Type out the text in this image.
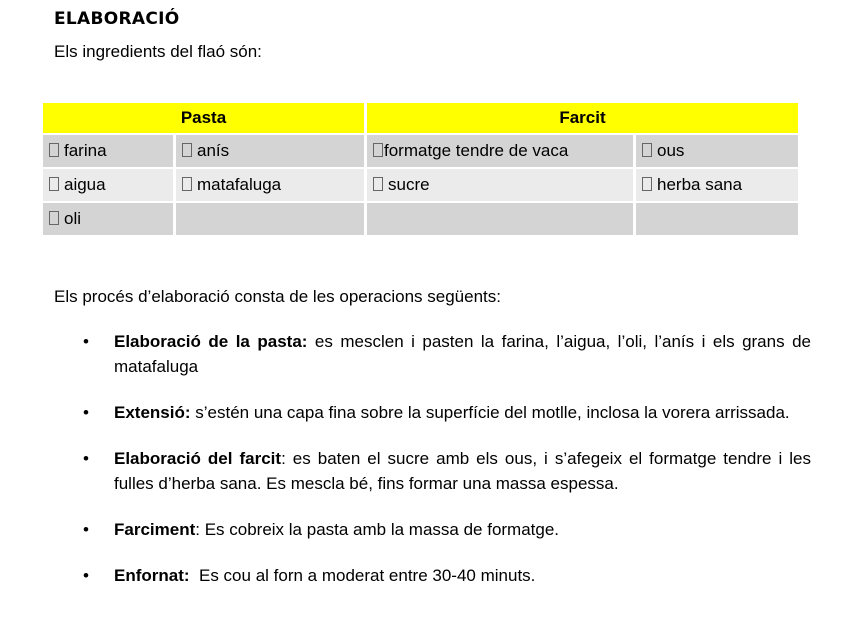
ELABORACIÓ
Els ingredients del flaó són:
Pasta		Farcit	
farina	anís	formatge tendre de vaca	ous
aigua	matafaluga	sucre	herba sana
oli			
Els procés d’elaboració consta de les operacions següents:
• Elaboració de la pasta: es mesclen i pasten la farina, l’aigua, l’oli, l’anís i els grans de matafaluga
• Extensió: s’estén una capa fina sobre la superfície del motlle, inclosa la vorera arrissada.
• Elaboració del farcit: es baten el sucre amb els ous, i s’afegeix el formatge tendre i les fulles d’herba sana. Es mescla bé, fins formar una massa espessa.
• Farciment: Es cobreix la pasta amb la massa de formatge.
• Enfornat:  Es cou al forn a moderat entre 30-40 minuts.
